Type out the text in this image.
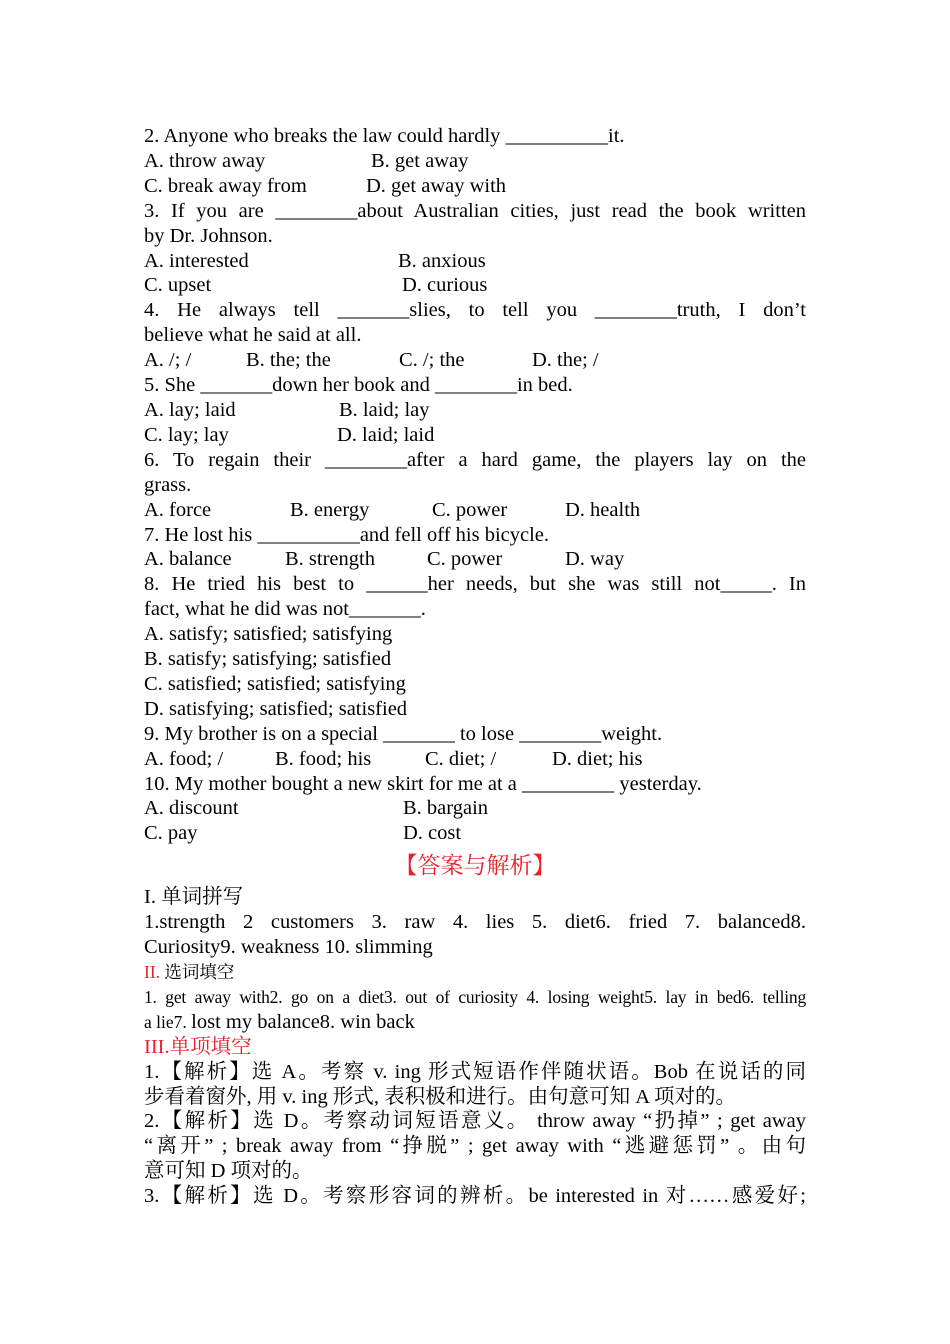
2. Anyone who breaks the law could hardly __________it.
A. throw away	B. get away
C. break away from	D. get away with
3. If you are ________about Australian cities, just read the book written
by Dr. Johnson.
A. interested	B. anxious
C. upset	D. curious
4. He always tell _______slies, to tell you ________truth, I don’t
believe what he said at all.
A. /; /	B. the; the	C. /; the	D. the; /
5. She _______down her book and ________in bed.
A. lay; laid	B. laid; lay
C. lay; lay	D. laid; laid
6. To regain their ________after a hard game, the players lay on the
grass.
A. force	B. energy	C. power	D. health
7. He lost his __________and fell off his bicycle.
A. balance	B. strength	C. power	D. way
8. He tried his best to ______her needs, but she was still not_____. In
fact, what he did was not_______.
A. satisfy; satisfied; satisfying
B. satisfy; satisfying; satisfied
C. satisfied; satisfied; satisfying
D. satisfying; satisfied; satisfied
9. My brother is on a special _______ to lose ________weight.
A. food; /	B. food; his	C. diet; /	D. diet; his
10. My mother bought a new skirt for me at a _________ yesterday.
A. discount	B. bargain
C. pay	D. cost
【答案与解析】
I. 单词拼写
1.strength 2 customers 3. raw 4. lies 5. diet6. fried 7. balanced8.
Curiosity9. weakness 10. slimming
II. 选词填空
1. get away with2. go on a diet3. out of curiosity 4. losing weight5. lay in bed6. telling
a lie7. lost my balance8. win back
III.单项填空
1.【解析】选 A。考察 v. ing 形式短语作伴随状语。Bob 在说话的同
步看着窗外, 用 v. ing 形式, 表积极和进行。由句意可知 A 项对的。
2.【解析】选 D。考察动词短语意义。 throw away “扔掉” ; get away
“离开” ; break away from “挣脱” ; get away with “逃避惩罚” 。由句
意可知 D 项对的。
3.【解析】选 D。考察形容词的辨析。be interested in 对……感爱好;
